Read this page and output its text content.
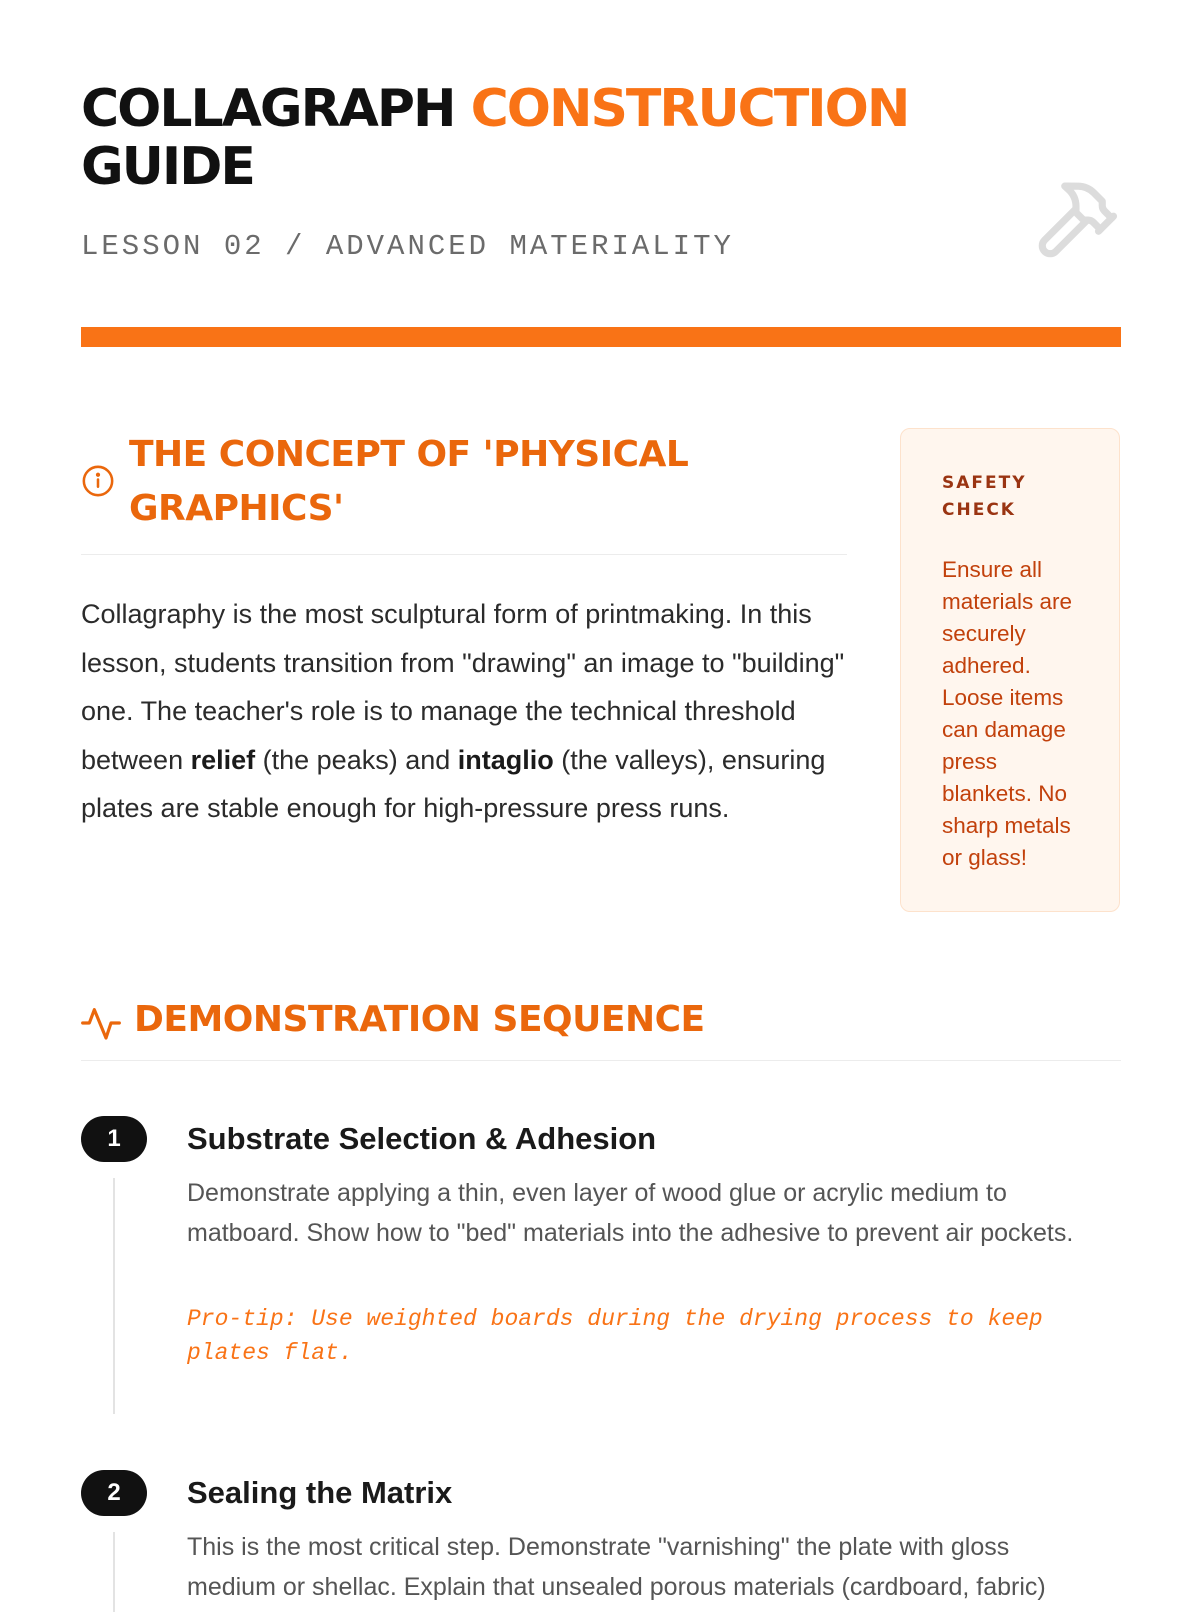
COLLAGRAPH CONSTRUCTION
GUIDE
LESSON 02 / ADVANCED MATERIALITY
THE CONCEPT OF 'PHYSICAL GRAPHICS'

Collagraphy is the most sculptural form of printmaking. In this lesson, students transition from "drawing" an image to "building" one. The teacher's role is to manage the technical threshold between relief (the peaks) and intaglio (the valleys), ensuring plates are stable enough for high-pressure press runs.

SAFETY CHECK
Ensure all materials are securely adhered. Loose items can damage press blankets. No sharp metals or glass!
DEMONSTRATION SEQUENCE
1	Substrate Selection & Adhesion

Demonstrate applying a thin, even layer of wood glue or acrylic medium to matboard. Show how to "bed" materials into the adhesive to prevent air pockets.

Pro-tip: Use weighted boards during the drying process to keep plates flat.

2	Sealing the Matrix

This is the most critical step. Demonstrate "varnishing" the plate with gloss medium or shellac. Explain that unsealed porous materials (cardboard, fabric)
